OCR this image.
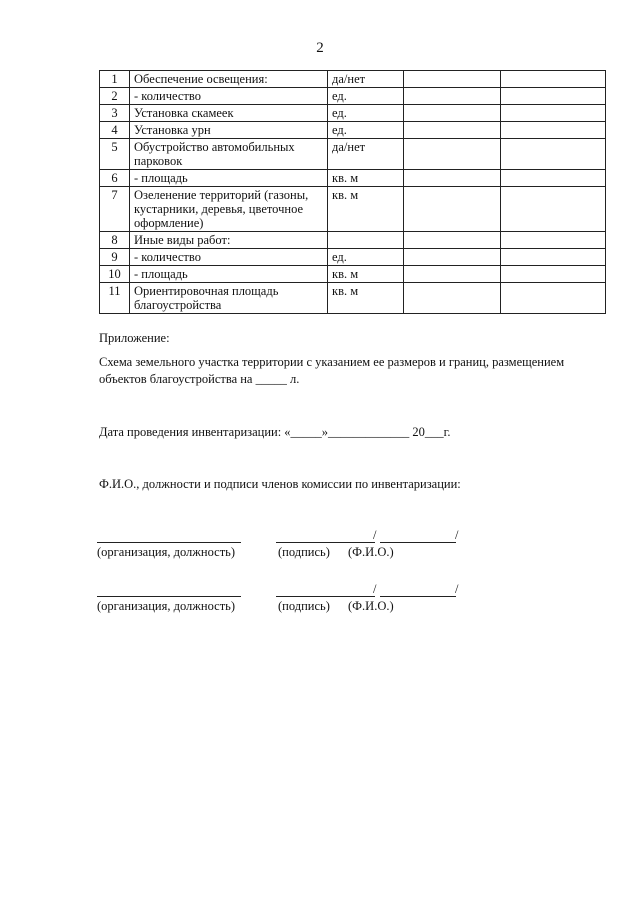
2
1	Обеспечение освещения:	да/нет		
2	- количество	ед.		
3	Установка скамеек	ед.		
4	Установка урн	ед.		
5	Обустройство автомобильных парковок	да/нет		
6	- площадь	кв. м		
7	Озеленение территорий (газоны, кустарники, деревья, цветочное оформление)	кв. м		
8	Иные виды работ:			
9	- количество	ед.		
10	- площадь	кв. м		
11	Ориентировочная площадь благоустройства	кв. м		
Приложение:
Схема земельного участка территории с указанием ее размеров и границ, размещением объектов благоустройства на _____ л.
Дата проведения инвентаризации: «_____»_____________ 20___г.
Ф.И.О., должности и подписи членов комиссии по инвентаризации:
/	/
(организация, должность)	(подпись) (Ф.И.О.)
/	/
(организация, должность)	(подпись) (Ф.И.О.)
